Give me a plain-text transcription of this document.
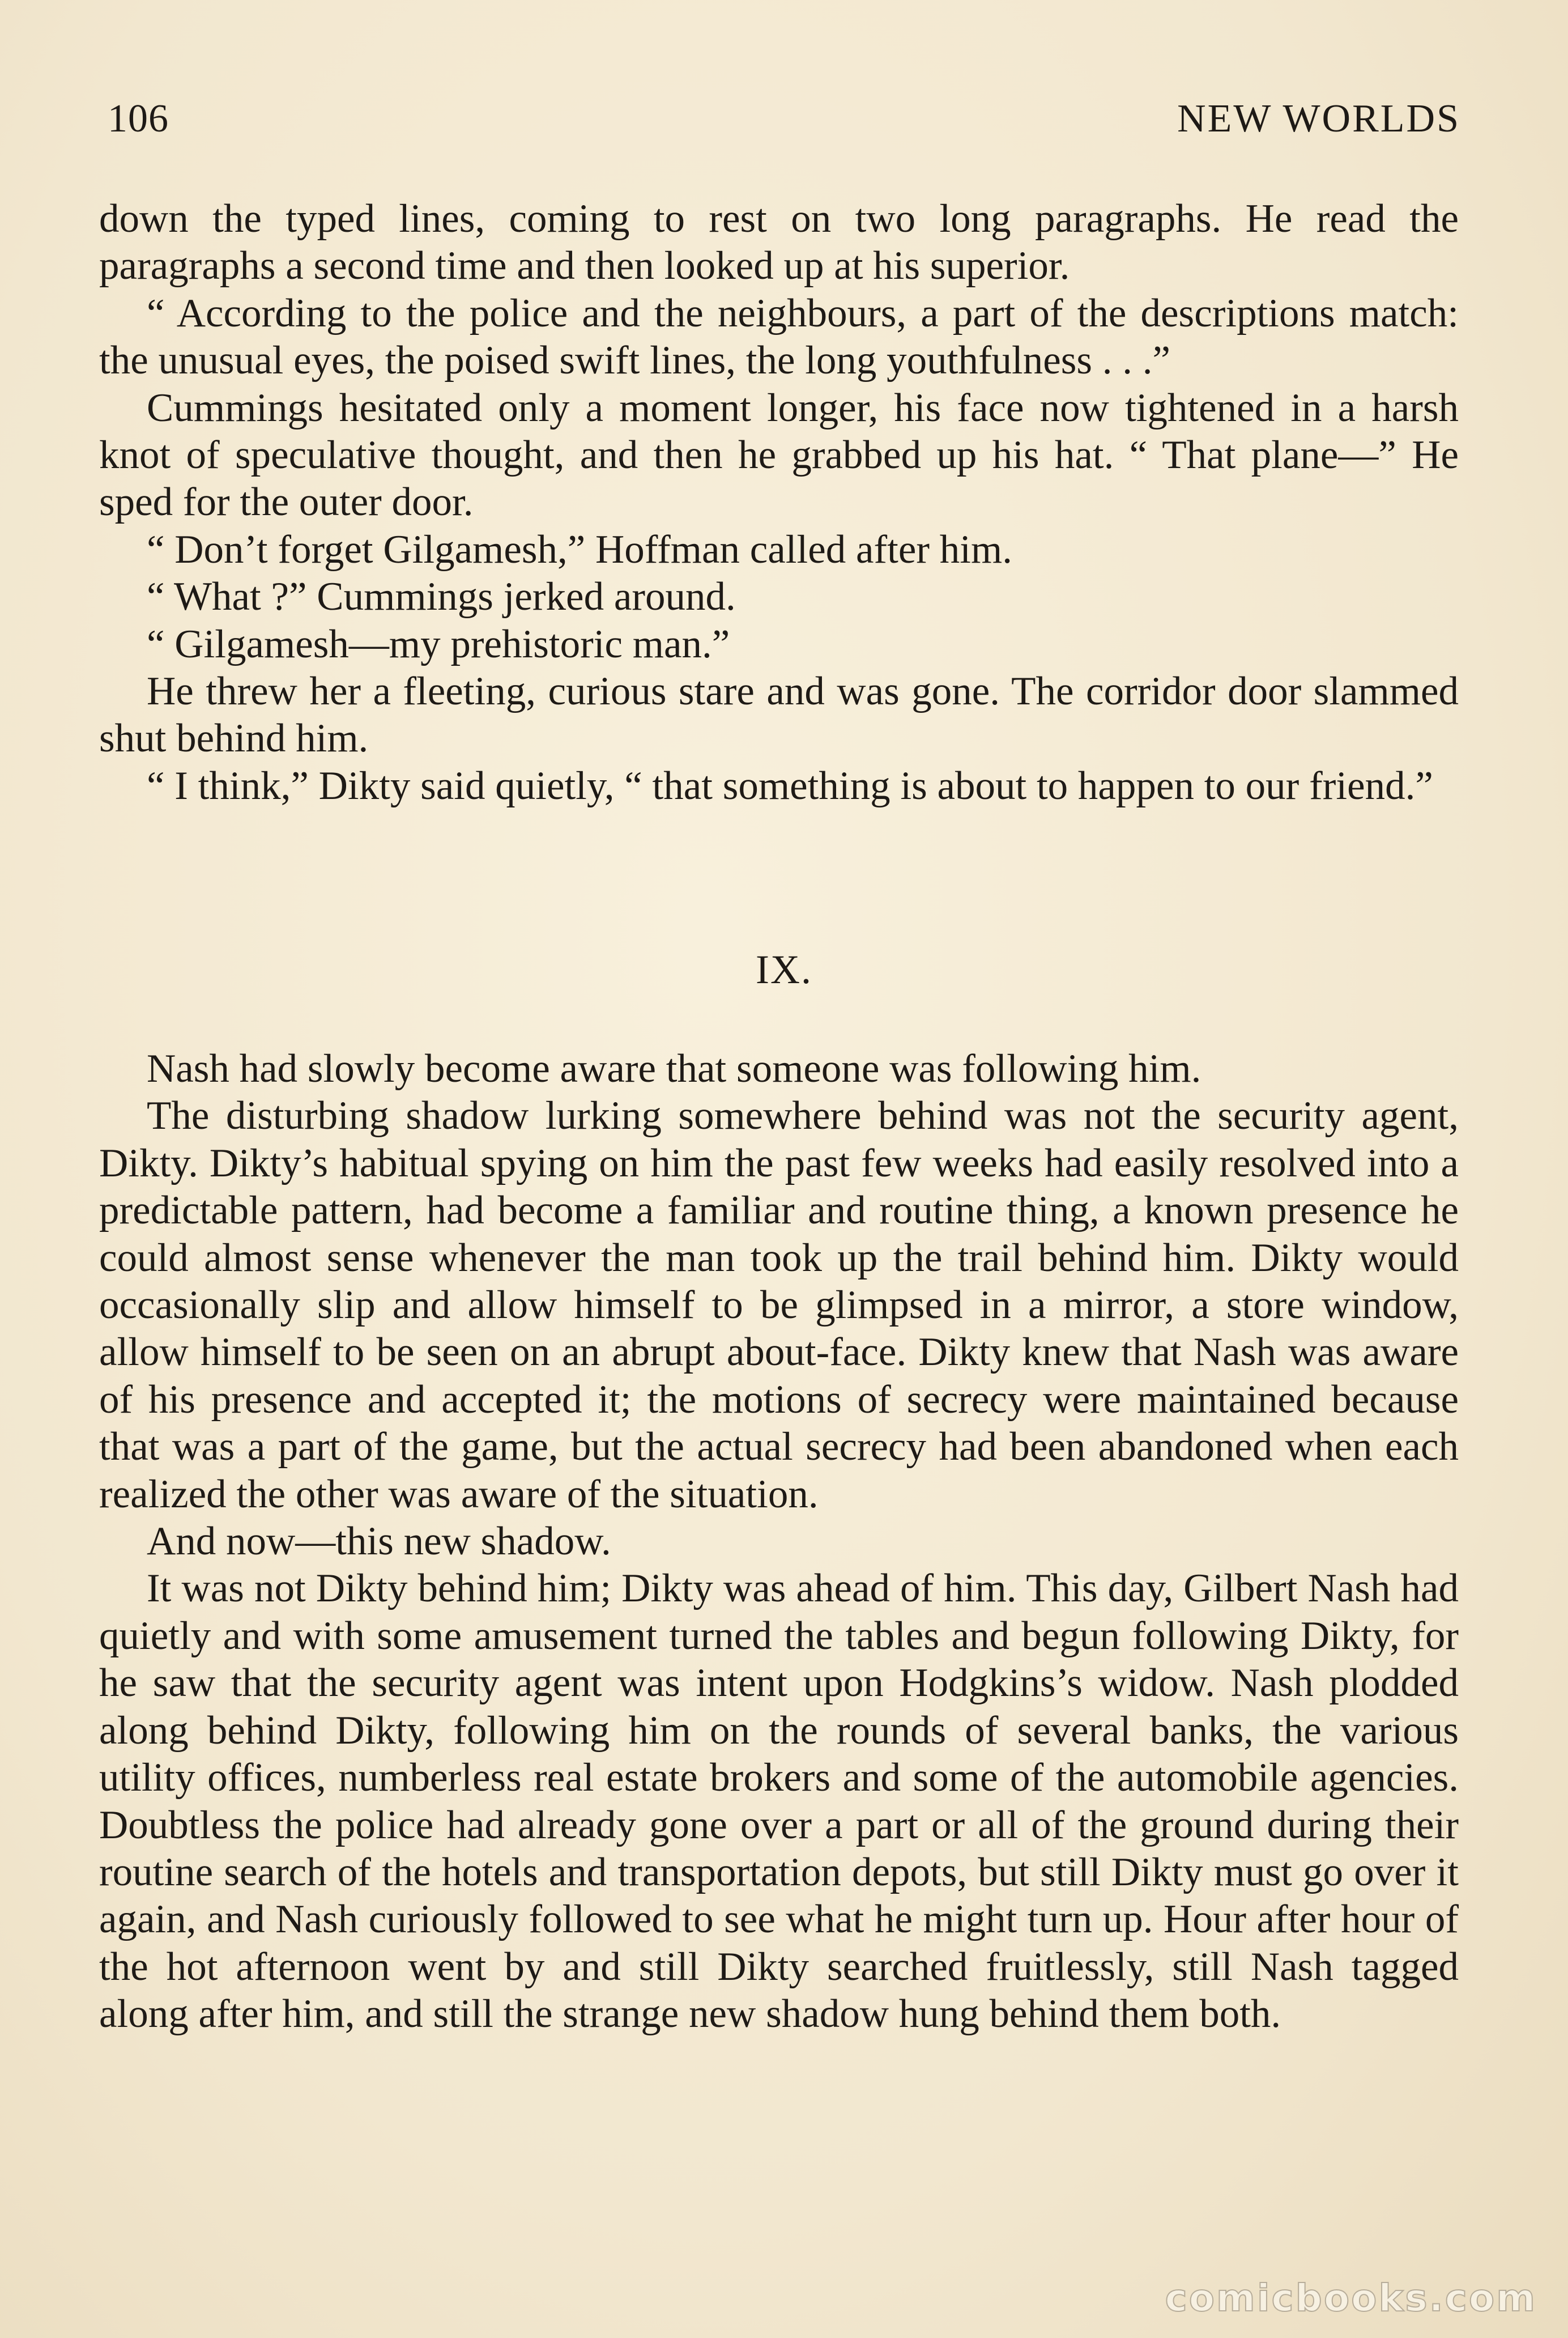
106	NEW WORLDS

down the typed lines, coming to rest on two long paragraphs. He read the paragraphs a second time and then looked up at his superior.

“ According to the police and the neighbours, a part of the descriptions match: the unusual eyes, the poised swift lines, the long youthfulness . . .”

Cummings hesitated only a moment longer, his face now tightened in a harsh knot of speculative thought, and then he grabbed up his hat. “ That plane—” He sped for the outer door.

“ Don’t forget Gilgamesh,” Hoffman called after him.

“ What ?” Cummings jerked around.

“ Gilgamesh—my prehistoric man.”

He threw her a fleeting, curious stare and was gone. The corridor door slammed shut behind him.

“ I think,” Dikty said quietly, “ that something is about to happen to our friend.”

IX.

Nash had slowly become aware that someone was following him.

The disturbing shadow lurking somewhere behind was not the security agent, Dikty. Dikty’s habitual spying on him the past few weeks had easily resolved into a predictable pattern, had become a familiar and routine thing, a known presence he could almost sense whenever the man took up the trail behind him. Dikty would occasionally slip and allow himself to be glimpsed in a mirror, a store window, allow himself to be seen on an abrupt about-face. Dikty knew that Nash was aware of his presence and accepted it; the motions of secrecy were maintained because that was a part of the game, but the actual secrecy had been abandoned when each realized the other was aware of the situation.

And now—this new shadow.

It was not Dikty behind him; Dikty was ahead of him. This day, Gilbert Nash had quietly and with some amusement turned the tables and begun following Dikty, for he saw that the security agent was intent upon Hodgkins’s widow. Nash plodded along behind Dikty, following him on the rounds of several banks, the various utility offices, numberless real estate brokers and some of the automobile agencies. Doubtless the police had already gone over a part or all of the ground during their routine search of the hotels and transportation depots, but still Dikty must go over it again, and Nash curiously followed to see what he might turn up. Hour after hour of the hot afternoon went by and still Dikty searched fruitlessly, still Nash tagged along after him, and still the strange new shadow hung behind them both.

comicbooks.com
